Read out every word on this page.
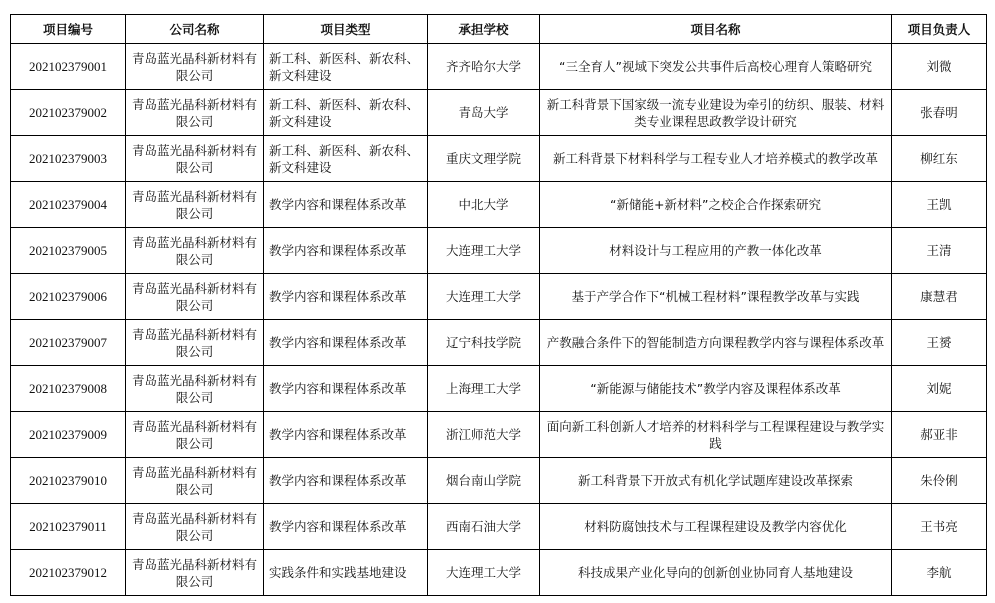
项目编号	公司名称	项目类型	承担学校	项目名称	项目负责人
202102379001	青岛蓝光晶科新材料有限公司	新工科、新医科、新农科、新文科建设	齐齐哈尔大学	“三全育人”视域下突发公共事件后高校心理育人策略研究	刘微
202102379002	青岛蓝光晶科新材料有限公司	新工科、新医科、新农科、新文科建设	青岛大学	新工科背景下国家级一流专业建设为牵引的纺织、服装、材料类专业课程思政教学设计研究	张春明
202102379003	青岛蓝光晶科新材料有限公司	新工科、新医科、新农科、新文科建设	重庆文理学院	新工科背景下材料科学与工程专业人才培养模式的教学改革	柳红东
202102379004	青岛蓝光晶科新材料有限公司	教学内容和课程体系改革	中北大学	“新储能+新材料”之校企合作探索研究	王凯
202102379005	青岛蓝光晶科新材料有限公司	教学内容和课程体系改革	大连理工大学	材料设计与工程应用的产教一体化改革	王清
202102379006	青岛蓝光晶科新材料有限公司	教学内容和课程体系改革	大连理工大学	基于产学合作下“机械工程材料”课程教学改革与实践	康慧君
202102379007	青岛蓝光晶科新材料有限公司	教学内容和课程体系改革	辽宁科技学院	产教融合条件下的智能制造方向课程教学内容与课程体系改革	王赟
202102379008	青岛蓝光晶科新材料有限公司	教学内容和课程体系改革	上海理工大学	“新能源与储能技术”教学内容及课程体系改革	刘妮
202102379009	青岛蓝光晶科新材料有限公司	教学内容和课程体系改革	浙江师范大学	面向新工科创新人才培养的材料科学与工程课程建设与教学实践	郝亚非
202102379010	青岛蓝光晶科新材料有限公司	教学内容和课程体系改革	烟台南山学院	新工科背景下开放式有机化学试题库建设改革探索	朱伶俐
202102379011	青岛蓝光晶科新材料有限公司	教学内容和课程体系改革	西南石油大学	材料防腐蚀技术与工程课程建设及教学内容优化	王书亮
202102379012	青岛蓝光晶科新材料有限公司	实践条件和实践基地建设	大连理工大学	科技成果产业化导向的创新创业协同育人基地建设	李航
